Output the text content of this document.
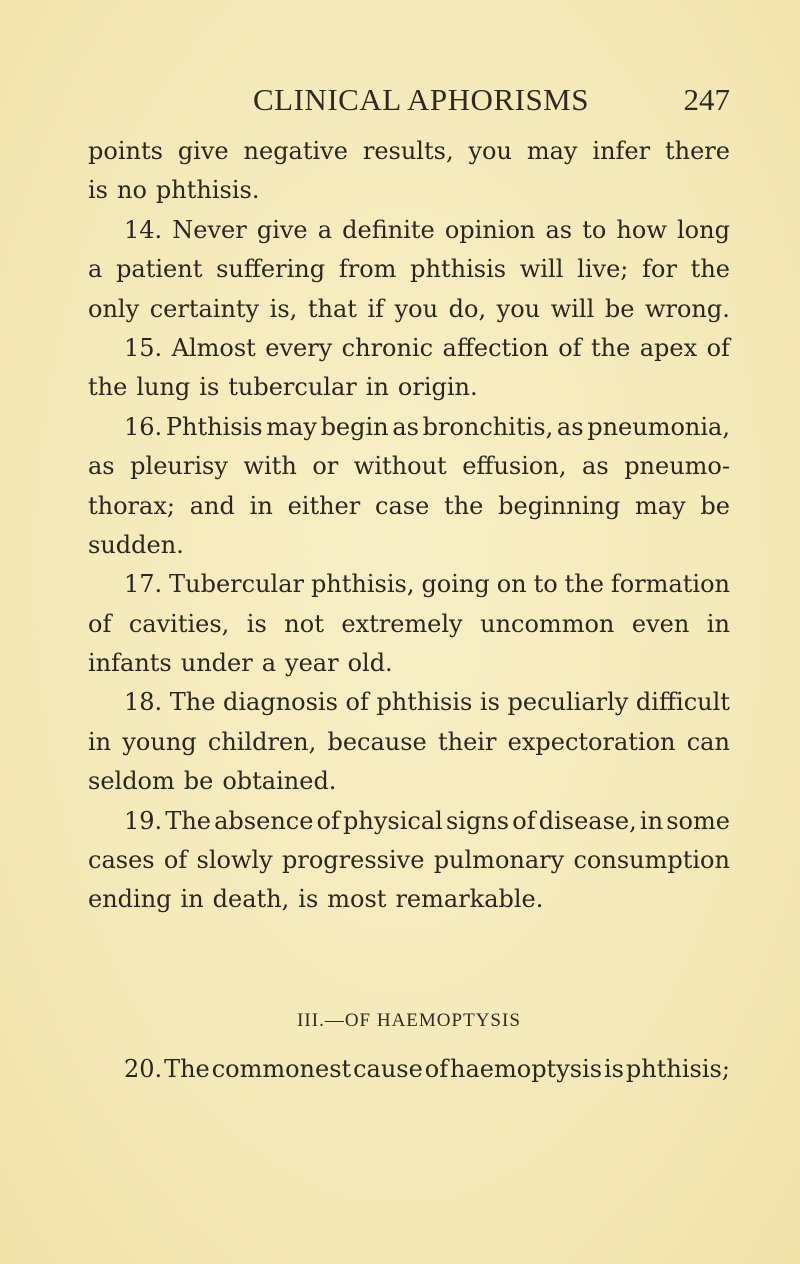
CLINICAL APHORISMS	247
points give negative results, you may infer there
is no phthisis.
14. Never give a definite opinion as to how long
a patient suffering from phthisis will live; for the
only certainty is, that if you do, you will be wrong.
15. Almost every chronic affection of the apex of
the lung is tubercular in origin.
16. Phthisis may begin as bronchitis, as pneumonia,
as pleurisy with or without effusion, as pneumo-
thorax; and in either case the beginning may be
sudden.
17. Tubercular phthisis, going on to the formation
of cavities, is not extremely uncommon even in
infants under a year old.
18. The diagnosis of phthisis is peculiarly difficult
in young children, because their expectoration can
seldom be obtained.
19. The absence of physical signs of disease, in some
cases of slowly progressive pulmonary consumption
ending in death, is most remarkable.
III.—OF HAEMOPTYSIS
20. The commonest cause of haemoptysis is phthisis;
